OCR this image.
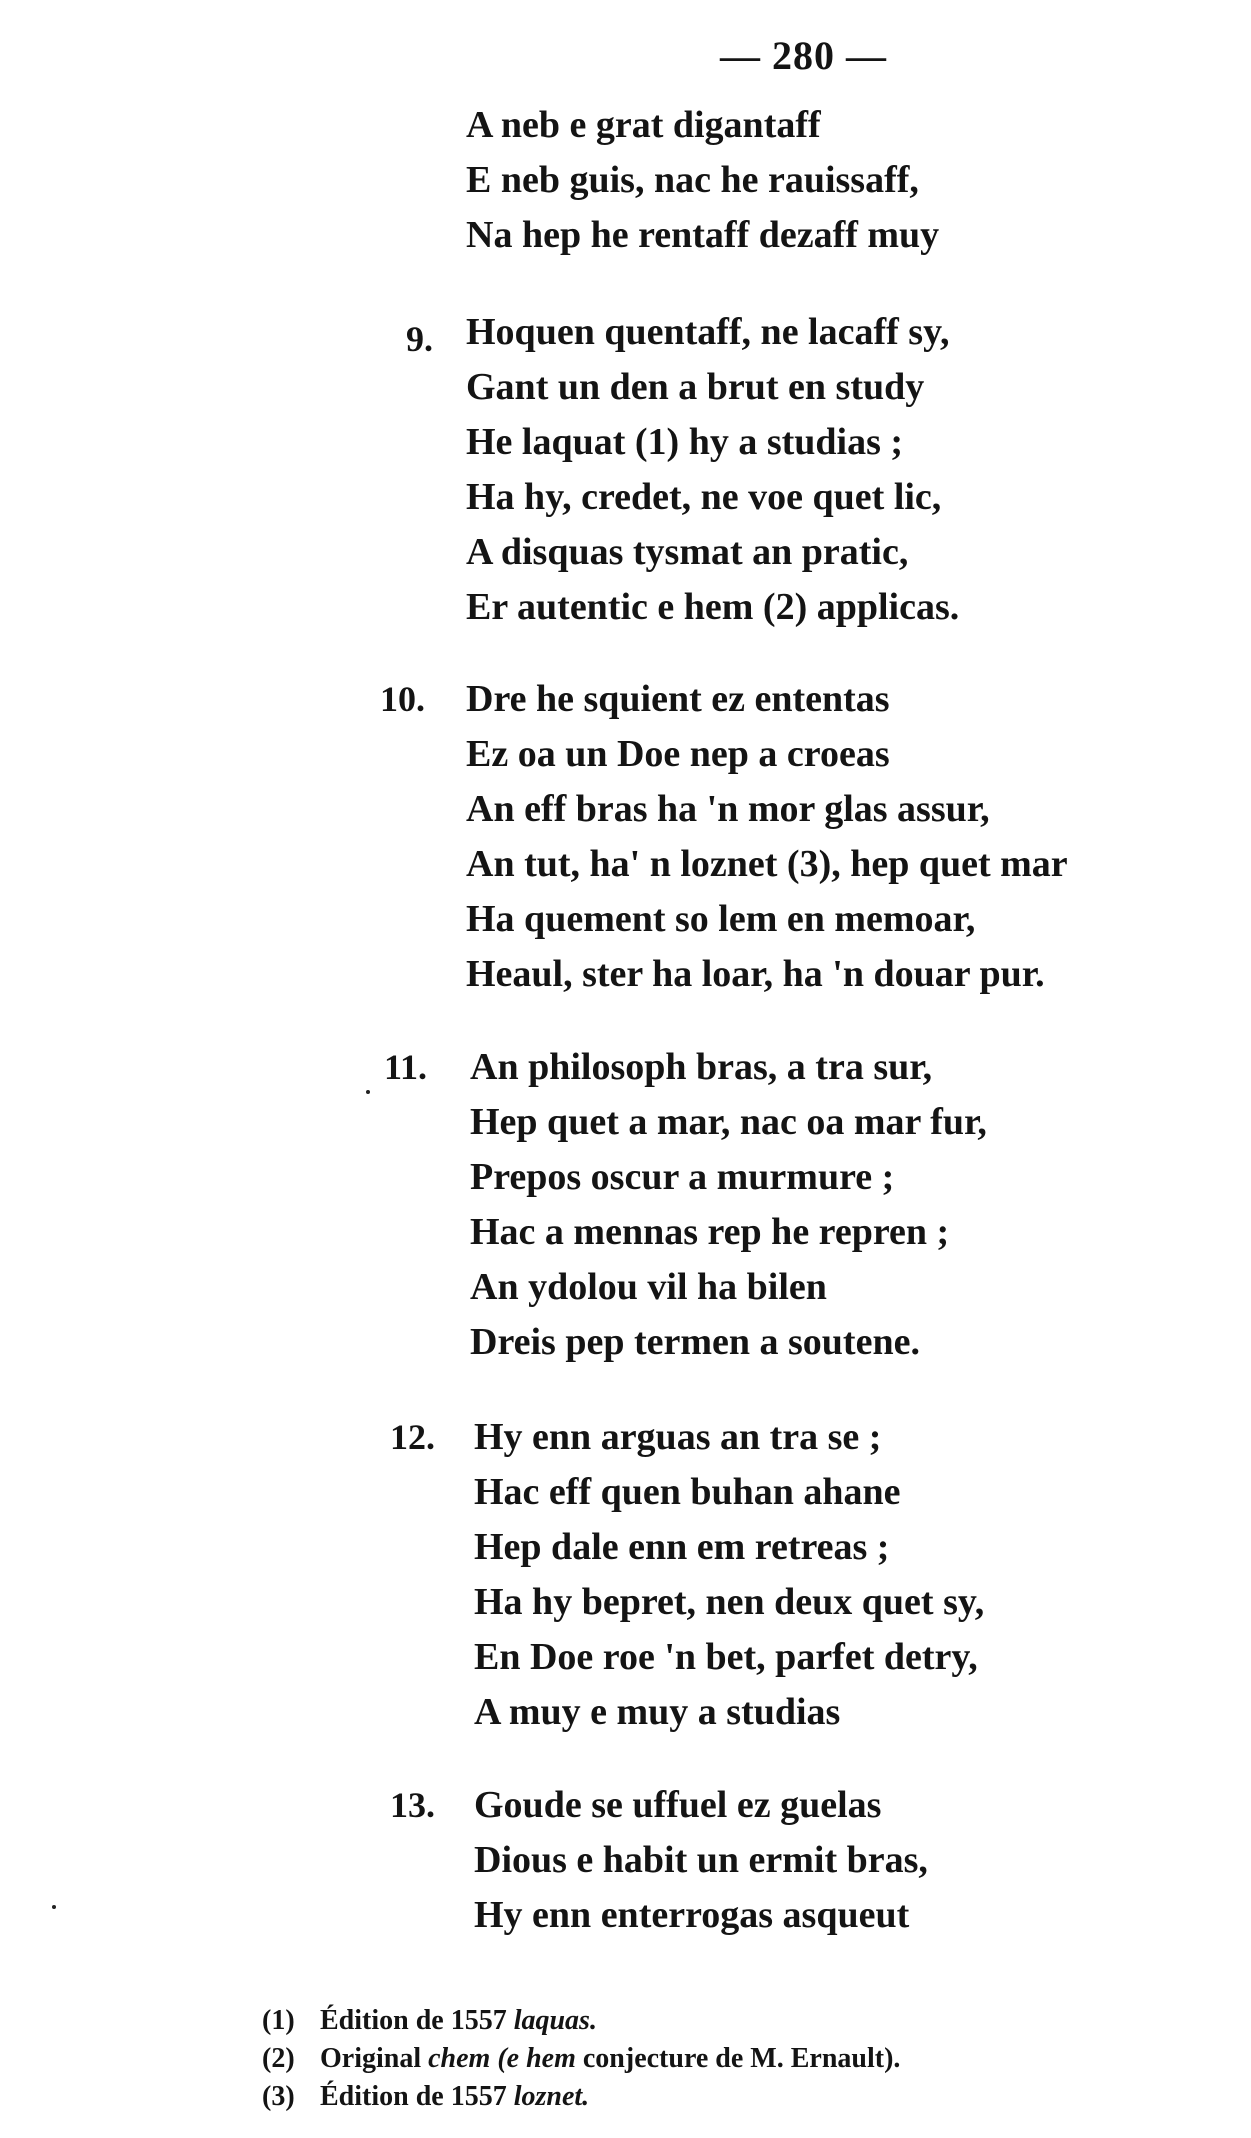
— 280 —
A neb e grat digantaff
E neb guis, nac he rauissaff,
Na hep he rentaff dezaff muy
9. Hoquen quentaff, ne lacaff sy,
Gant un den a brut en study
He laquat (1) hy a studias ;
Ha hy, credet, ne voe quet lic,
A disquas tysmat an pratic,
Er autentic e hem (2) applicas.
10. Dre he squient ez ententas
Ez oa un Doe nep a croeas
An eff bras ha 'n mor glas assur,
An tut, ha' n loznet (3), hep quet mar
Ha quement so lem en memoar,
Heaul, ster ha loar, ha 'n douar pur.
11. An philosoph bras, a tra sur,
Hep quet a mar, nac oa mar fur,
Prepos oscur a murmure ;
Hac a mennas rep he repren ;
An ydolou vil ha bilen
Dreis pep termen a soutene.
12. Hy enn arguas an tra se ;
Hac eff quen buhan ahane
Hep dale enn em retreas ;
Ha hy bepret, nen deux quet sy,
En Doe roe 'n bet, parfet detry,
A muy e muy a studias
13. Goude se uffuel ez guelas
Dious e habit un ermit bras,
Hy enn enterrogas asqueut
(1) Édition de 1557 laquas.
(2) Original chem (e hem conjecture de M. Ernault).
(3) Édition de 1557 loznet.
